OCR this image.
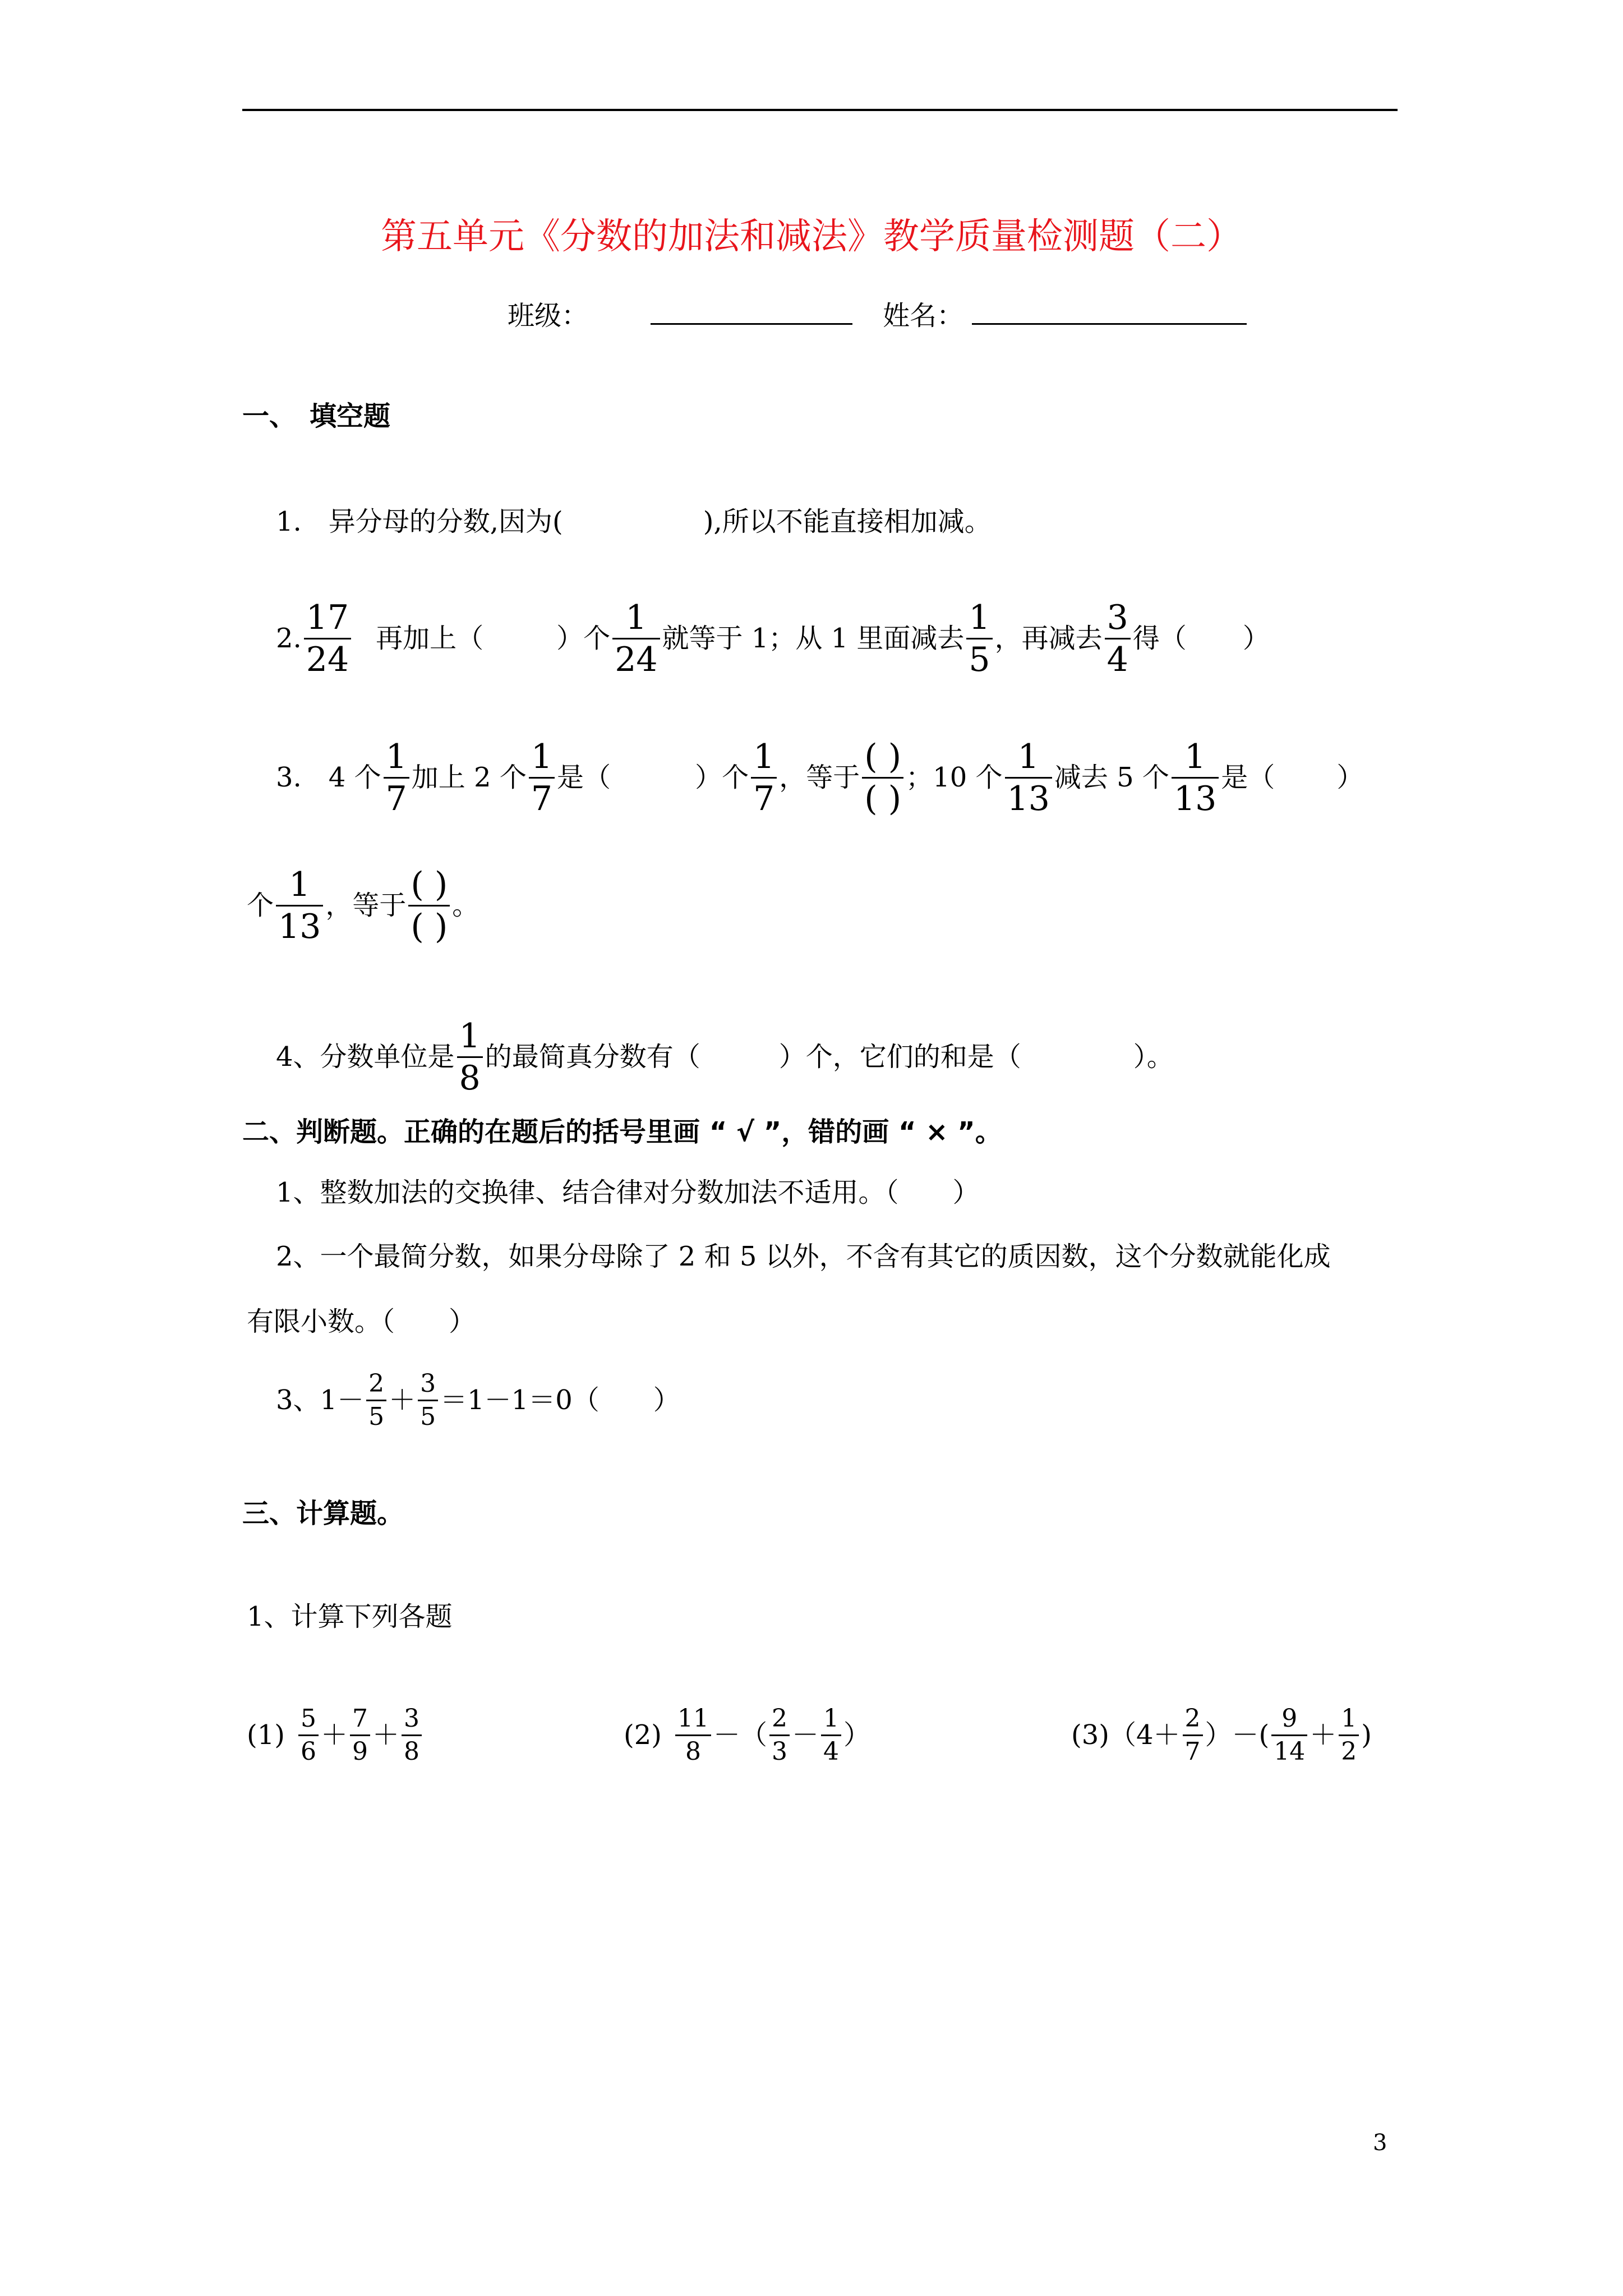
第五单元《分数的加法和减法》教学质量检测题（二）
班级：	姓名：
一、　填空题
1.　异分母的分数,因为(	),所以不能直接相加减。
2. $\frac{17}{24}$ 再加上（	）个 $\frac{1}{24}$ 就等于 1；从 1 里面减去 $\frac{1}{5}$ ，再减去 $\frac{3}{4}$ 得（ ）
3.　4 个 $\frac{1}{7}$ 加上 2 个 $\frac{1}{7}$ 是（	）个 $\frac{1}{7}$ ，等于 $\frac{( )}{( )}$ ；10 个 $\frac{1}{13}$ 减去 5 个 $\frac{1}{13}$ 是（ ）
个 $\frac{1}{13}$ ，等于 $\frac{( )}{( )}$ 。
4、分数单位是 $\frac{1}{8}$ 的最简真分数有（	）个，它们的和是（	）。
二、判断题。正确的在题后的括号里画 “ √ ”，错的画 “ × ”。
1、整数加法的交换律、结合律对分数加法不适用。（　　）
2、一个最简分数，如果分母除了 2 和 5 以外，不含有其它的质因数，这个分数就能化成
有限小数。（　　）
3、$1- \frac{2}{5} + \frac{3}{5} =1-1=0$（　　）
三、计算题。
1、计算下列各题
$(1) \frac{5}{6} + \frac{7}{9} + \frac{3}{8}$	$(2) \frac{11}{8}$ －（ $\frac{2}{3} - \frac{1}{4}$ ）	$(3)(4+ \frac{2}{7}$ ）－( $\frac{9}{14} + \frac{1}{2}$ )
3
